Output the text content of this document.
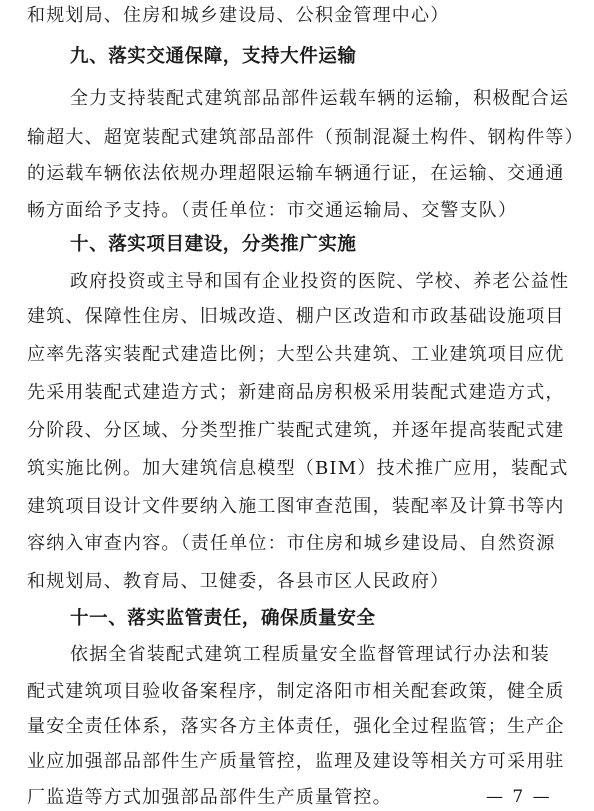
和规划局、住房和城乡建设局、公积金管理中心）
九、落实交通保障，支持大件运输
全力支持装配式建筑部品部件运载车辆的运输，积极配合运
输超大、超宽装配式建筑部品部件（预制混凝土构件、钢构件等）
的运载车辆依法依规办理超限运输车辆通行证，在运输、交通通
畅方面给予支持。（责任单位：市交通运输局、交警支队）
十、落实项目建设，分类推广实施
政府投资或主导和国有企业投资的医院、学校、养老公益性
建筑、保障性住房、旧城改造、棚户区改造和市政基础设施项目
应率先落实装配式建造比例；大型公共建筑、工业建筑项目应优
先采用装配式建造方式；新建商品房积极采用装配式建造方式，
分阶段、分区域、分类型推广装配式建筑，并逐年提高装配式建
筑实施比例。加大建筑信息模型（BIM）技术推广应用，装配式
建筑项目设计文件要纳入施工图审查范围，装配率及计算书等内
容纳入审查内容。（责任单位：市住房和城乡建设局、自然资源
和规划局、教育局、卫健委，各县市区人民政府）
十一、落实监管责任，确保质量安全
依据全省装配式建筑工程质量安全监督管理试行办法和装
配式建筑项目验收备案程序，制定洛阳市相关配套政策，健全质
量安全责任体系，落实各方主体责任，强化全过程监管；生产企
业应加强部品部件生产质量管控，监理及建设等相关方可采用驻
厂监造等方式加强部品部件生产质量管控。	— 7 —
